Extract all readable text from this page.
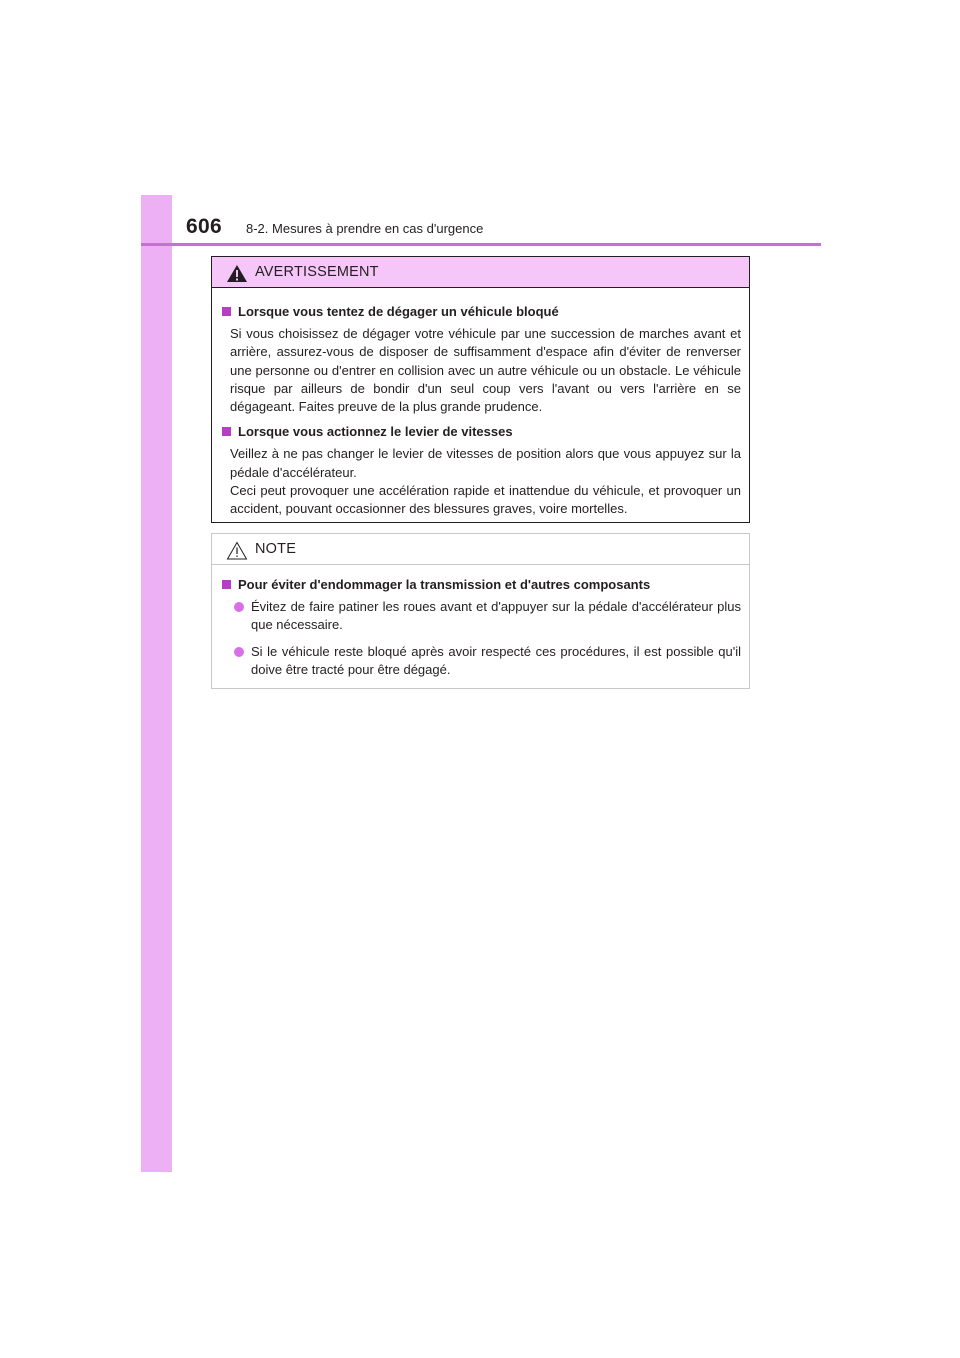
606 8-2. Mesures à prendre en cas d'urgence
AVERTISSEMENT
Lorsque vous tentez de dégager un véhicule bloqué

Si vous choisissez de dégager votre véhicule par une succession de marches avant et arrière, assurez-vous de disposer de suffisamment d'espace afin d'éviter de renverser une personne ou d'entrer en collision avec un autre véhicule ou un obstacle. Le véhicule risque par ailleurs de bondir d'un seul coup vers l'avant ou vers l'arrière en se dégageant. Faites preuve de la plus grande prudence.

Lorsque vous actionnez le levier de vitesses

Veillez à ne pas changer le levier de vitesses de position alors que vous appuyez sur la pédale d'accélérateur.

Ceci peut provoquer une accélération rapide et inattendue du véhicule, et provoquer un accident, pouvant occasionner des blessures graves, voire mortelles.

NOTE
Pour éviter d'endommager la transmission et d'autres composants
Évitez de faire patiner les roues avant et d'appuyer sur la pédale d'accélérateur plus que nécessaire.
Si le véhicule reste bloqué après avoir respecté ces procédures, il est possible qu'il doive être tracté pour être dégagé.
